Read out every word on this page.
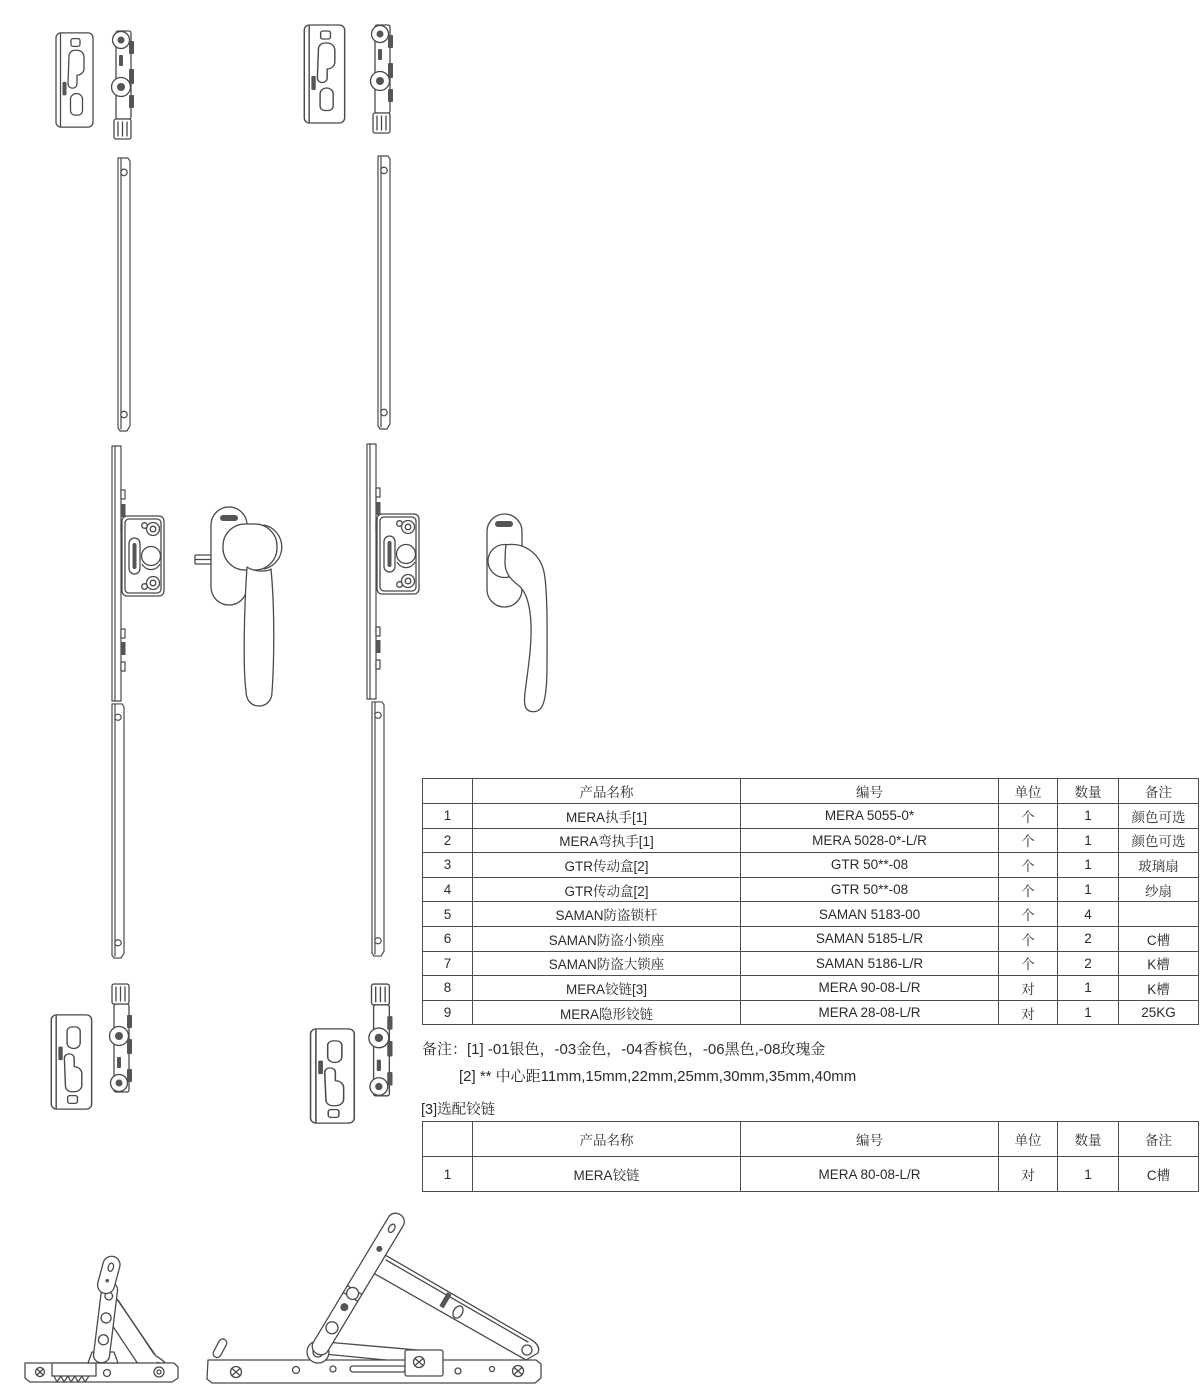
	产品名称	编号	单位	数量	备注
1	MERA执手[1]	MERA 5055-0*	个	1	颜色可选
2	MERA弯执手[1]	MERA 5028-0*-L/R	个	1	颜色可选
3	GTR传动盒[2]	GTR 50**-08	个	1	玻璃扇
4	GTR传动盒[2]	GTR 50**-08	个	1	纱扇
5	SAMAN防盗锁杆	SAMAN 5183-00	个	4	
6	SAMAN防盗小锁座	SAMAN 5185-L/R	个	2	C槽
7	SAMAN防盗大锁座	SAMAN 5186-L/R	个	2	K槽
8	MERA铰链[3]	MERA 90-08-L/R	对	1	K槽
9	MERA隐形铰链	MERA 28-08-L/R	对	1	25KG
备注：[1] -01银色，-03金色，-04香槟色，-06黑色,-08玫瑰金
[2] ** 中心距11mm,15mm,22mm,25mm,30mm,35mm,40mm
[3]选配铰链
	产品名称	编号	单位	数量	备注
1	MERA铰链	MERA 80-08-L/R	对	1	C槽
